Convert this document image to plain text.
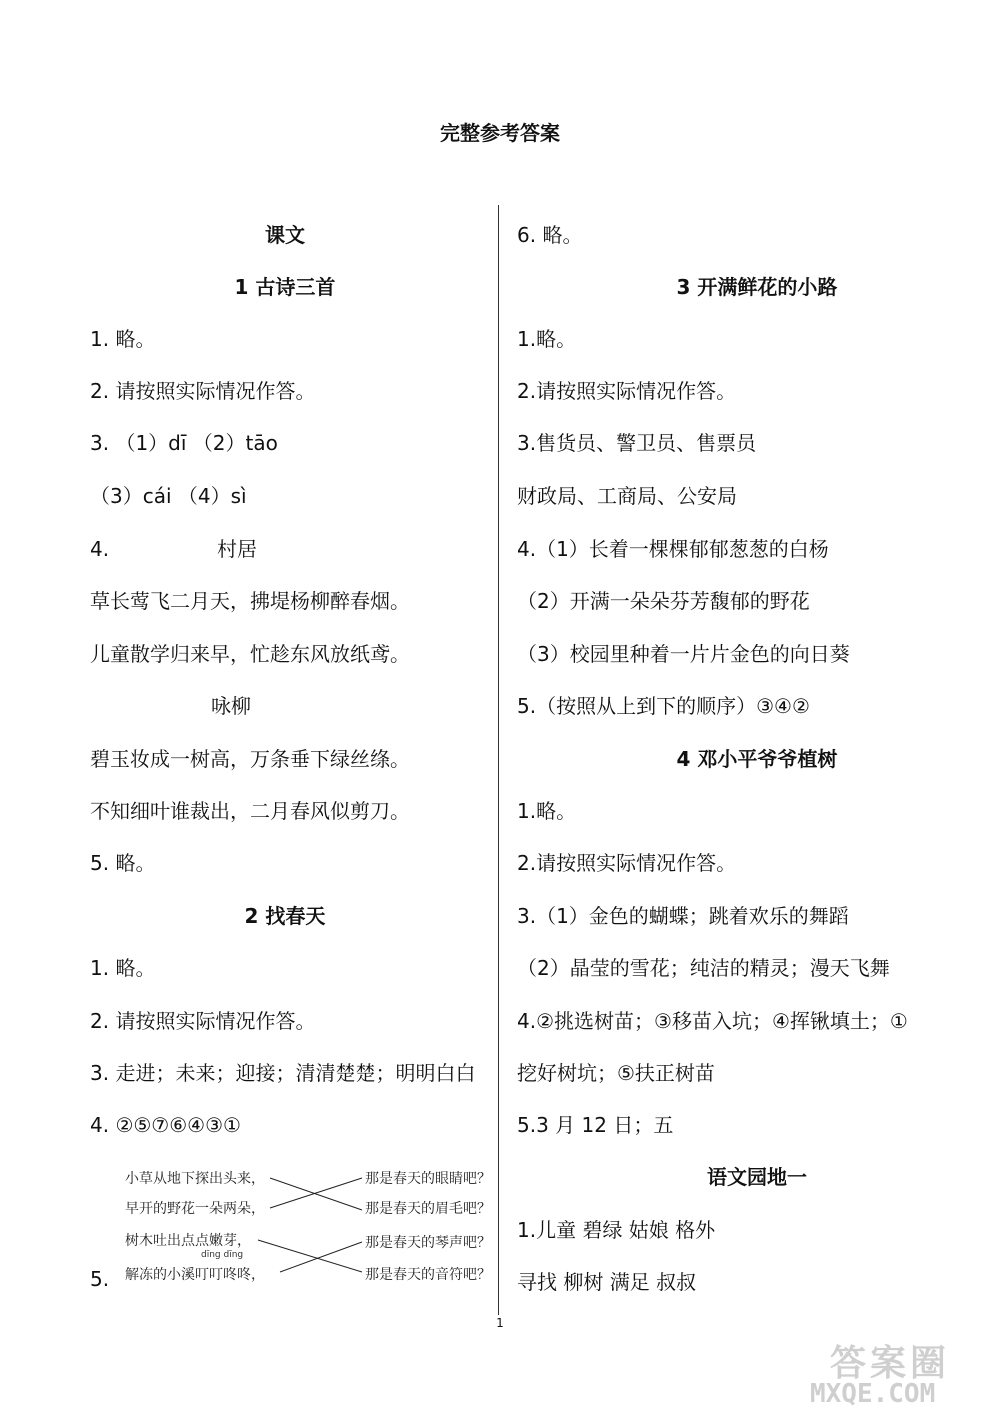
完整参考答案
课文
1 古诗三首
1. 略。
2. 请按照实际情况作答。
3. （1）dī （2）tāo
（3）cái （4）sì
4.	村居
草长莺飞二月天，拂堤杨柳醉春烟。
儿童散学归来早，忙趁东风放纸鸢。
咏柳
碧玉妆成一树高，万条垂下绿丝绦。
不知细叶谁裁出，二月春风似剪刀。
5. 略。
2 找春天
1. 略。
2. 请按照实际情况作答。
3. 走进；未来；迎接；清清楚楚；明明白白
4. ②⑤⑦⑥④③①
5.
小草从地下探出头来，
早开的野花一朵两朵，
树木吐出点点嫩芽，
解冻的小溪叮叮咚咚，
那是春天的眼睛吧？
那是春天的眉毛吧？
那是春天的琴声吧？
那是春天的音符吧？
dīng dīng
6. 略。
3 开满鲜花的小路
1.略。
2.请按照实际情况作答。
3.售货员、警卫员、售票员
财政局、工商局、公安局
4.（1）长着一棵棵郁郁葱葱的白杨
（2）开满一朵朵芬芳馥郁的野花
（3）校园里种着一片片金色的向日葵
5.（按照从上到下的顺序）③④②
4 邓小平爷爷植树
1.略。
2.请按照实际情况作答。
3.（1）金色的蝴蝶；跳着欢乐的舞蹈
（2）晶莹的雪花；纯洁的精灵；漫天飞舞
4.②挑选树苗；③移苗入坑；④挥锹填土；①
挖好树坑；⑤扶正树苗
5.3 月 12 日；五
语文园地一
1.儿童 碧绿 姑娘 格外
寻找 柳树 满足 叔叔
1
答案圈
MXQE.COM
